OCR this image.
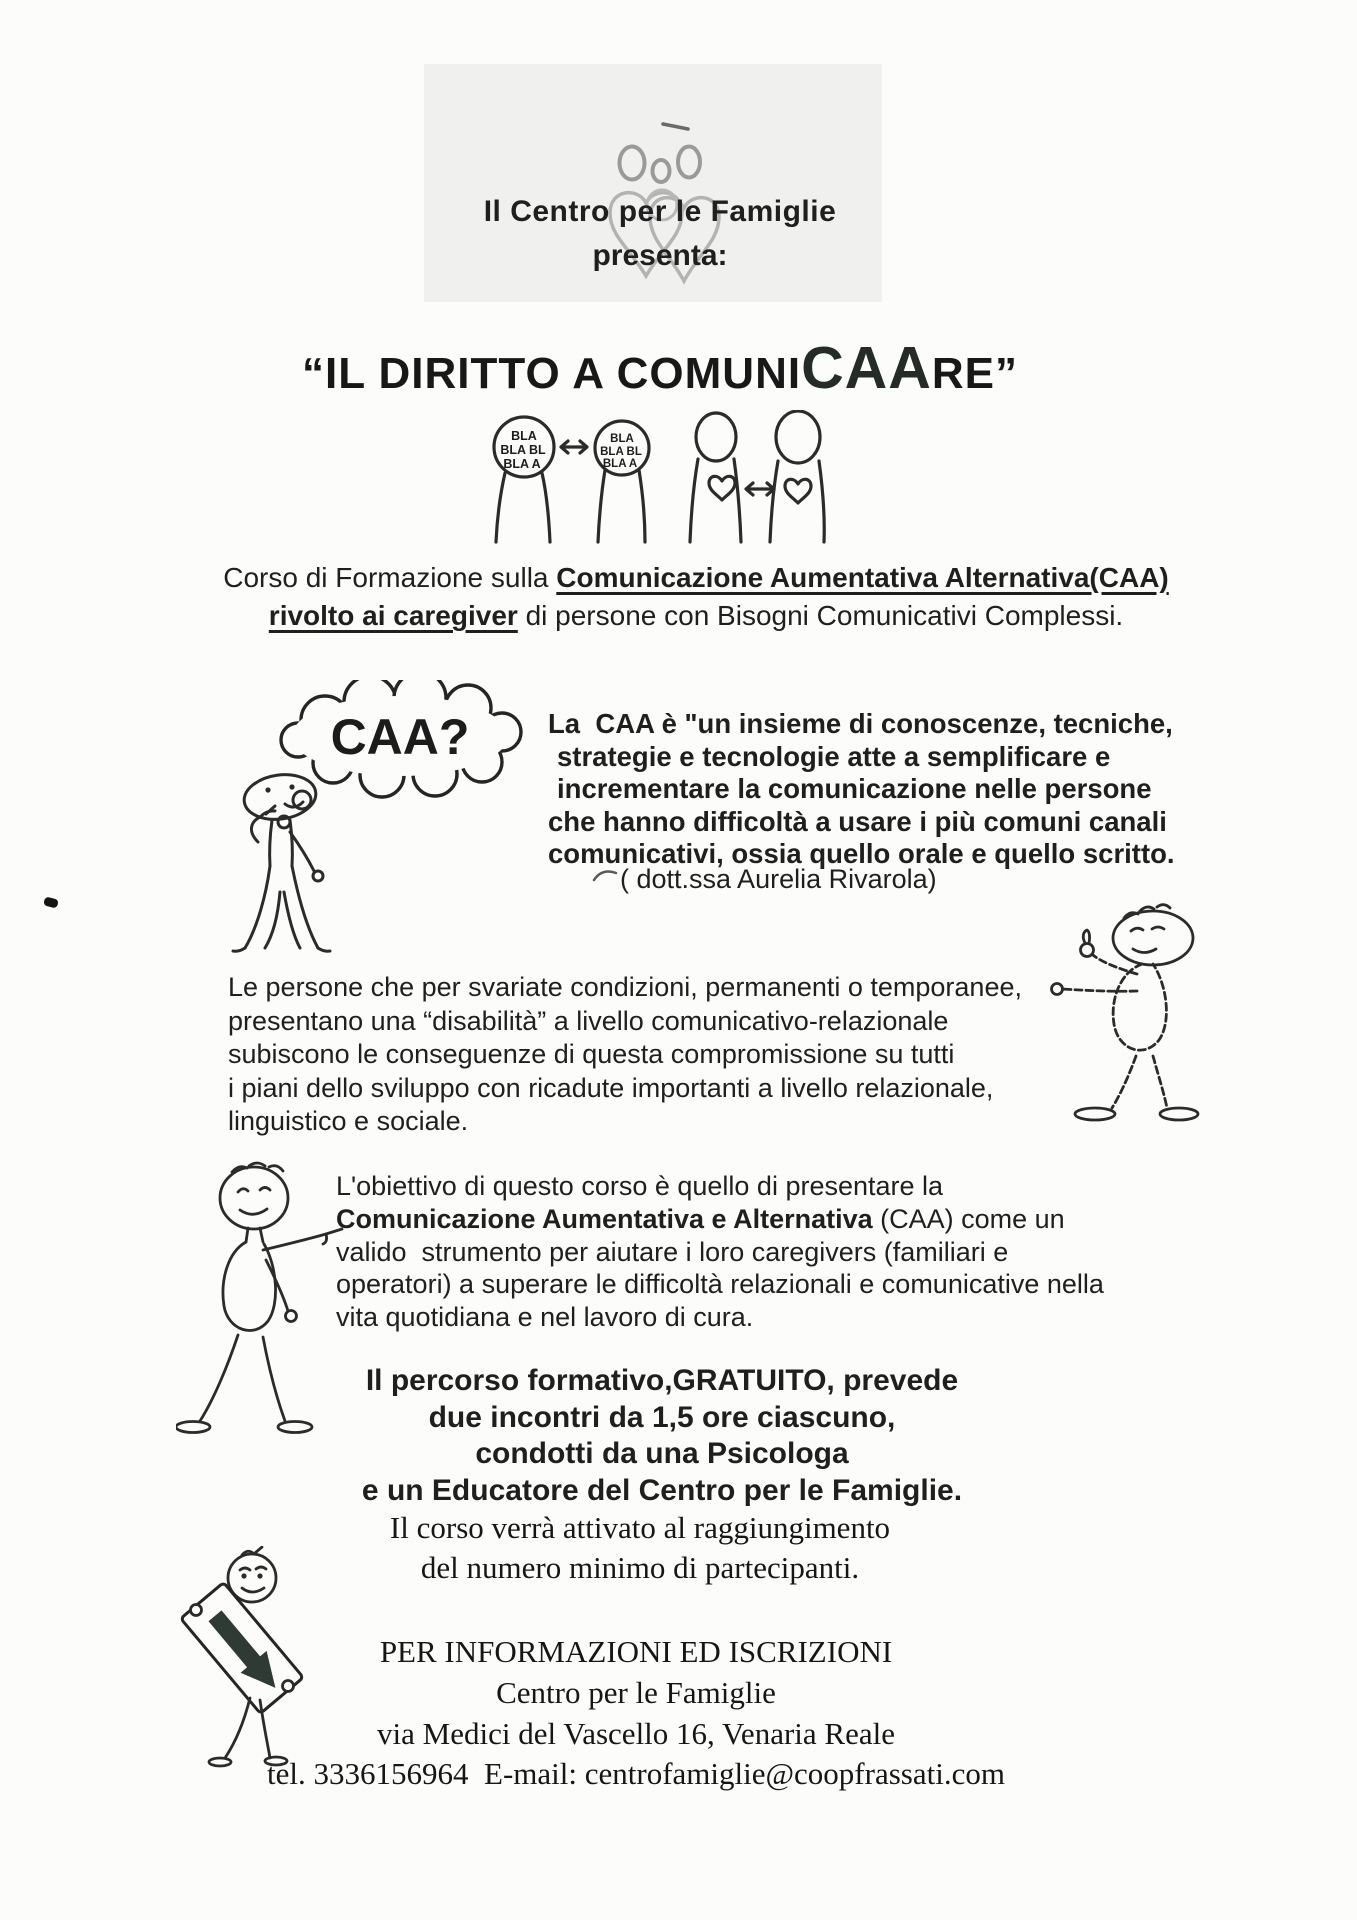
Il Centro per le Famiglie
presenta:
“IL DIRITTO A COMUNICAARE”
BLA
BLA BL
BLA A
BLA
BLA BL
BLA A
Corso di Formazione sulla Comunicazione Aumentativa Alternativa(CAA)
rivolto ai caregiver di persone con Bisogni Comunicativi Complessi.
CAA?	La  CAA è "un insieme di conoscenze, tecniche,
strategie e tecnologie atte a semplificare e
incrementare la comunicazione nelle persone
che hanno difficoltà a usare i più comuni canali
comunicativi, ossia quello orale e quello scritto.
( dott.ssa Aurelia Rivarola)
Le persone che per svariate condizioni, permanenti o temporanee,
presentano una “disabilità” a livello comunicativo-relazionale
subiscono le conseguenze di questa compromissione su tutti
i piani dello sviluppo con ricadute importanti a livello relazionale,
linguistico e sociale.
L'obiettivo di questo corso è quello di presentare la
Comunicazione Aumentativa e Alternativa (CAA) come un
valido  strumento per aiutare i loro caregivers (familiari e
operatori) a superare le difficoltà relazionali e comunicative nella
vita quotidiana e nel lavoro di cura.
Il percorso formativo,GRATUITO, prevede
due incontri da 1,5 ore ciascuno,
condotti da una Psicologa
e un Educatore del Centro per le Famiglie.
Il corso verrà attivato al raggiungimento
del numero minimo di partecipanti.
PER INFORMAZIONI ED ISCRIZIONI
Centro per le Famiglie
via Medici del Vascello 16, Venaria Reale
tel. 3336156964  E-mail: centrofamiglie@coopfrassati.com
